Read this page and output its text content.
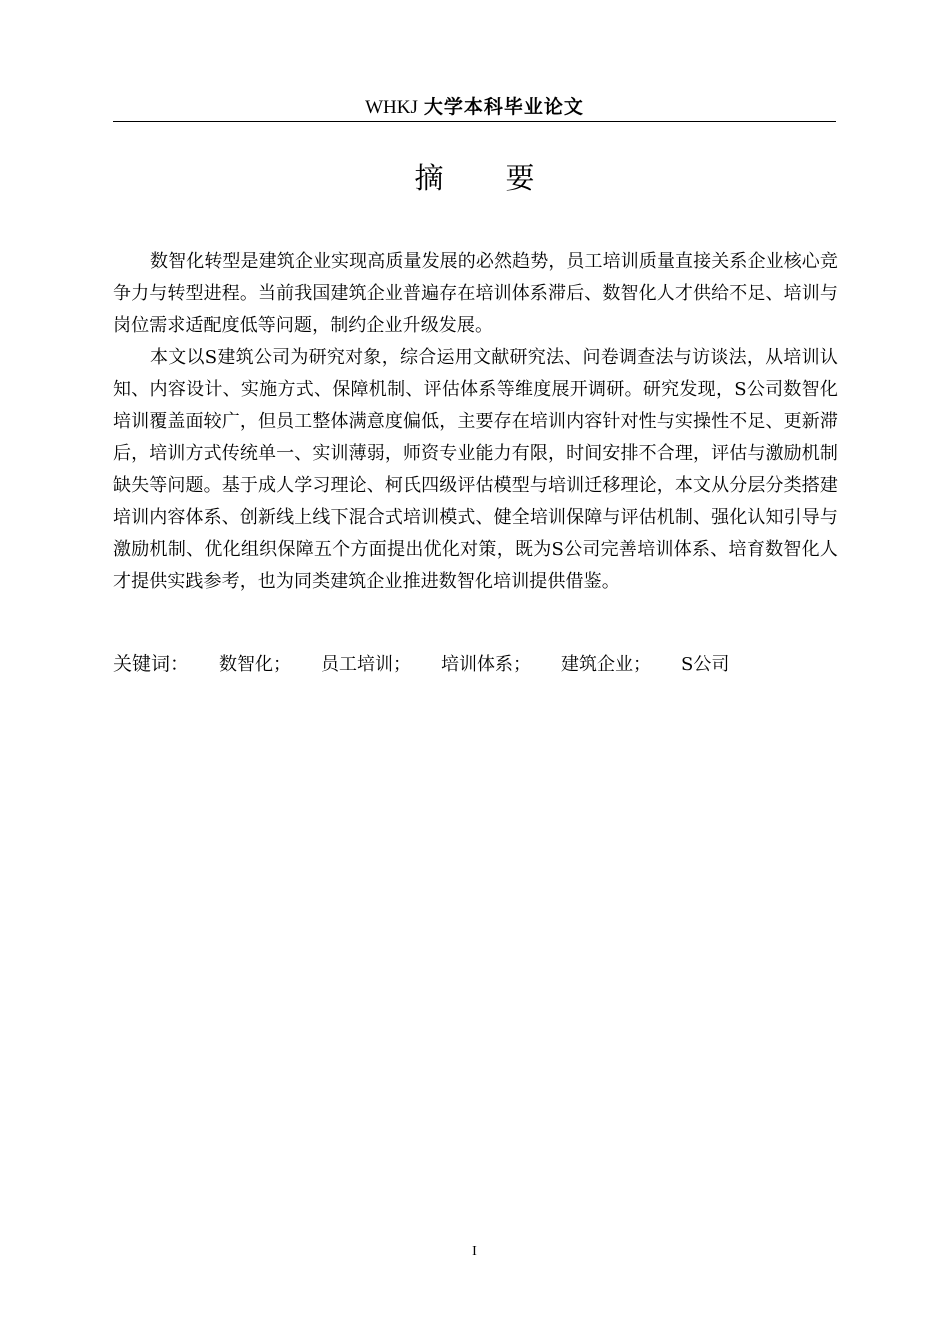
WHKJ 大学本科毕业论文
摘 要

数智化转型是建筑企业实现高质量发展的必然趋势，员工培训质量直接关系企业核心竞争力与转型进程。当前我国建筑企业普遍存在培训体系滞后、数智化人才供给不足、培训与岗位需求适配度低等问题，制约企业升级发展。

本文以S建筑公司为研究对象，综合运用文献研究法、问卷调查法与访谈法，从培训认知、内容设计、实施方式、保障机制、评估体系等维度展开调研。研究发现，S公司数智化培训覆盖面较广，但员工整体满意度偏低，主要存在培训内容针对性与实操性不足、更新滞后，培训方式传统单一、实训薄弱，师资专业能力有限，时间安排不合理，评估与激励机制缺失等问题。基于成人学习理论、柯氏四级评估模型与培训迁移理论，本文从分层分类搭建培训内容体系、创新线上线下混合式培训模式、健全培训保障与评估机制、强化认知引导与激励机制、优化组织保障五个方面提出优化对策，既为S公司完善培训体系、培育数智化人才提供实践参考，也为同类建筑企业推进数智化培训提供借鉴。

关键词： 数智化； 员工培训； 培训体系； 建筑企业； S公司
I
